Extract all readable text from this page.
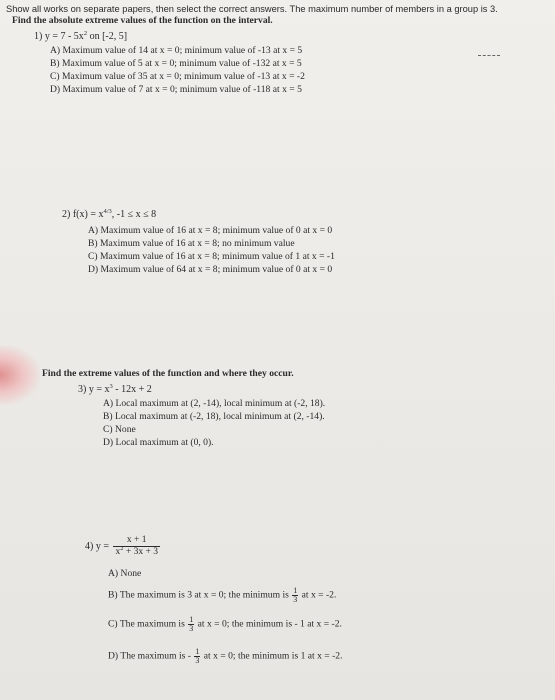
Show all works on separate papers, then select the correct answers. The maximum number of members in a group is 3.
Find the absolute extreme values of the function on the interval.
1) $y = 7 - 5x^2$ on [-2, 5]
A) Maximum value of 14 at x = 0; minimum value of -13 at x = 5
B) Maximum value of 5 at x = 0; minimum value of -132 at x = 5
C) Maximum value of 35 at x = 0; minimum value of -13 at x = -2
D) Maximum value of 7 at x = 0; minimum value of -118 at x = 5
2) $f(x) = x^{4/3}$, -1 ≤ x ≤ 8
A) Maximum value of 16 at x = 8; minimum value of 0 at x = 0
B) Maximum value of 16 at x = 8; no minimum value
C) Maximum value of 16 at x = 8; minimum value of 1 at x = -1
D) Maximum value of 64 at x = 8; minimum value of 0 at x = 0
Find the extreme values of the function and where they occur.
3) $y = x^3 - 12x + 2$
A) Local maximum at (2, -14), local minimum at (-2, 18).
B) Local maximum at (-2, 18), local minimum at (2, -14).
C) None
D) Local maximum at (0, 0).
4) $y = \frac{x + 1}{x^2 + 3x + 3}$
A) None
B) The maximum is 3 at x = 0; the minimum is $\frac{1}{3}$ at x = -2.
C) The maximum is $\frac{1}{3}$ at x = 0; the minimum is - 1 at x = -2.
D) The maximum is - $\frac{1}{3}$ at x = 0; the minimum is 1 at x = -2.
